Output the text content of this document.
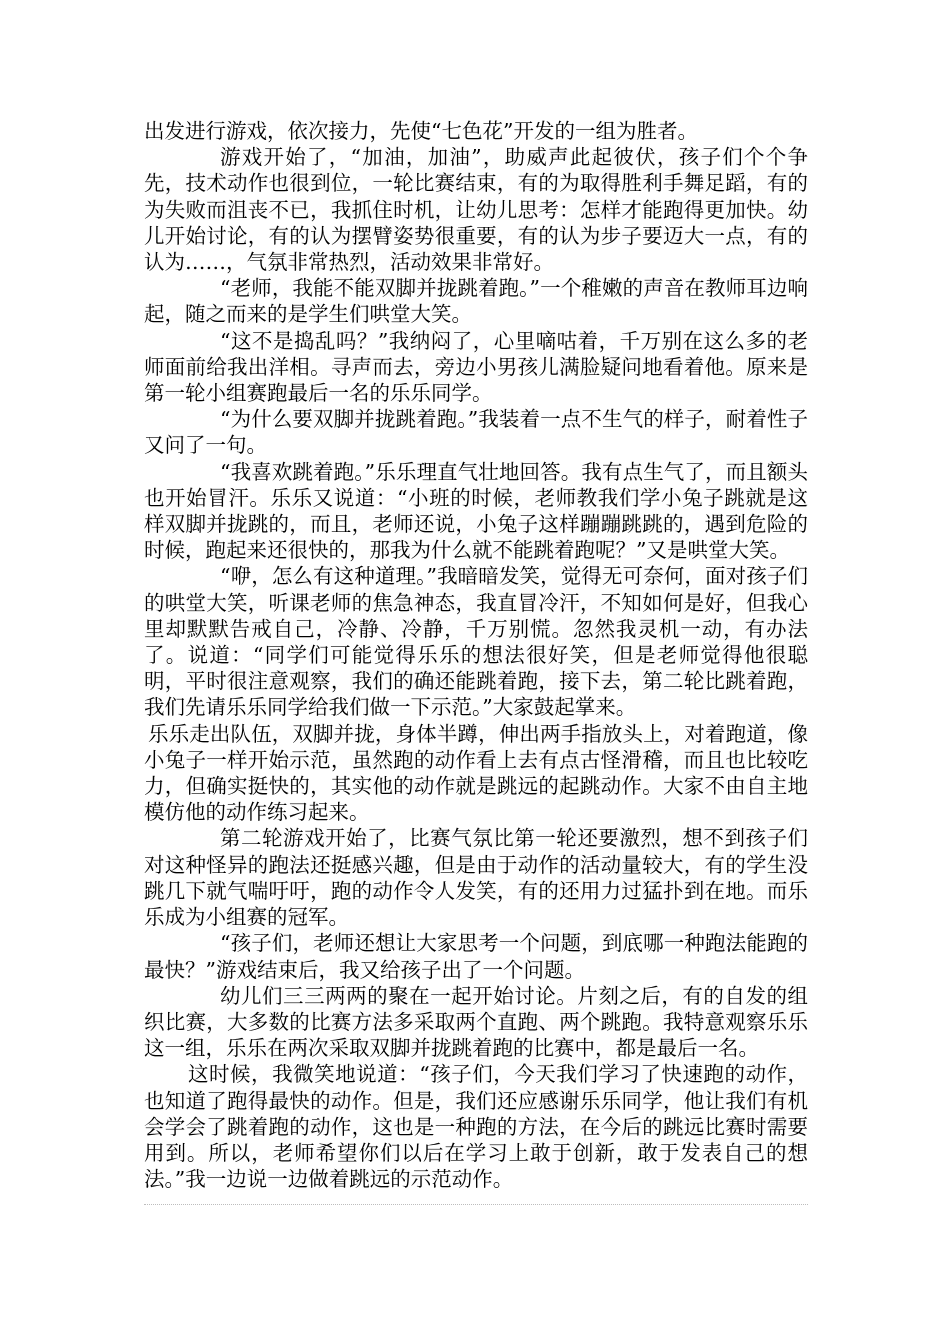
出发进行游戏，依次接力，先使“七色花”开发的一组为胜者。

游戏开始了，“加油，加油”，助威声此起彼伏，孩子们个个争先，技术动作也很到位，一轮比赛结束，有的为取得胜利手舞足蹈，有的为失败而沮丧不已，我抓住时机，让幼儿思考：怎样才能跑得更加快。幼儿开始讨论，有的认为摆臂姿势很重要，有的认为步子要迈大一点，有的认为……，气氛非常热烈，活动效果非常好。

“老师，我能不能双脚并拢跳着跑。”一个稚嫩的声音在教师耳边响起，随之而来的是学生们哄堂大笑。

“这不是捣乱吗？”我纳闷了，心里嘀咕着，千万别在这么多的老师面前给我出洋相。寻声而去，旁边小男孩儿满脸疑问地看着他。原来是第一轮小组赛跑最后一名的乐乐同学。

“为什么要双脚并拢跳着跑。”我装着一点不生气的样子，耐着性子又问了一句。

“我喜欢跳着跑。”乐乐理直气壮地回答。我有点生气了，而且额头也开始冒汗。乐乐又说道：“小班的时候，老师教我们学小兔子跳就是这样双脚并拢跳的，而且，老师还说，小兔子这样蹦蹦跳跳的，遇到危险的时候，跑起来还很快的，那我为什么就不能跳着跑呢？”又是哄堂大笑。

“咿，怎么有这种道理。”我暗暗发笑，觉得无可奈何，面对孩子们的哄堂大笑，听课老师的焦急神态，我直冒冷汗，不知如何是好，但我心里却默默告戒自己，冷静、冷静，千万别慌。忽然我灵机一动，有办法了。说道：“同学们可能觉得乐乐的想法很好笑，但是老师觉得他很聪明，平时很注意观察，我们的确还能跳着跑，接下去，第二轮比跳着跑，我们先请乐乐同学给我们做一下示范。”大家鼓起掌来。

乐乐走出队伍，双脚并拢，身体半蹲，伸出两手指放头上，对着跑道，像小兔子一样开始示范，虽然跑的动作看上去有点古怪滑稽，而且也比较吃力，但确实挺快的，其实他的动作就是跳远的起跳动作。大家不由自主地模仿他的动作练习起来。

第二轮游戏开始了，比赛气氛比第一轮还要激烈，想不到孩子们对这种怪异的跑法还挺感兴趣，但是由于动作的活动量较大，有的学生没跳几下就气喘吁吁，跑的动作令人发笑，有的还用力过猛扑到在地。而乐乐成为小组赛的冠军。

“孩子们，老师还想让大家思考一个问题，到底哪一种跑法能跑的最快？”游戏结束后，我又给孩子出了一个问题。

幼儿们三三两两的聚在一起开始讨论。片刻之后，有的自发的组织比赛，大多数的比赛方法多采取两个直跑、两个跳跑。我特意观察乐乐这一组，乐乐在两次采取双脚并拢跳着跑的比赛中，都是最后一名。

这时候，我微笑地说道：“孩子们，今天我们学习了快速跑的动作，也知道了跑得最快的动作。但是，我们还应感谢乐乐同学，他让我们有机会学会了跳着跑的动作，这也是一种跑的方法，在今后的跳远比赛时需要用到。所以，老师希望你们以后在学习上敢于创新，敢于发表自己的想法。”我一边说一边做着跳远的示范动作。
